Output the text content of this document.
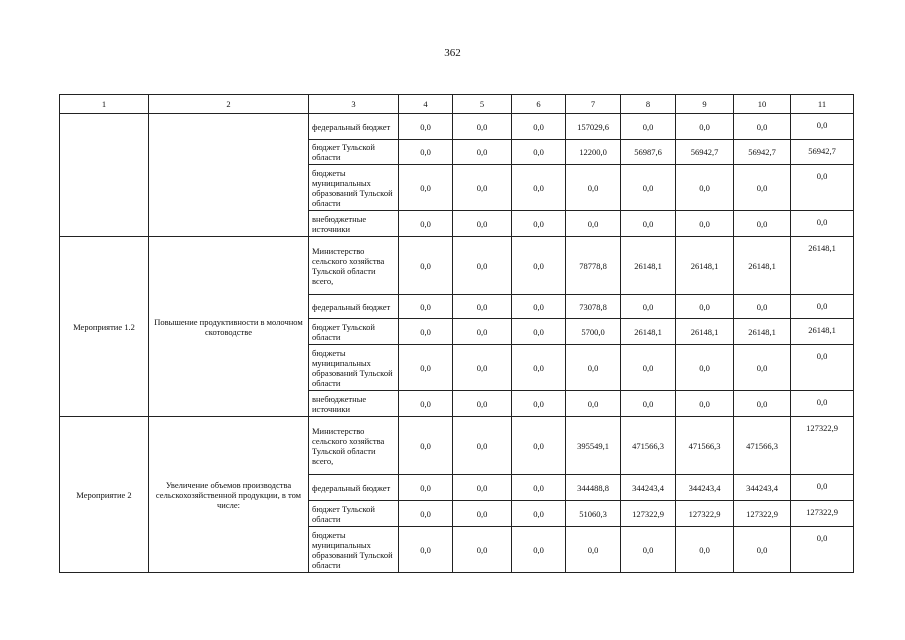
362
1	2	3	4	5	6	7	8	9	10	11
		федеральный бюджет	0,0	0,0	0,0	157029,6	0,0	0,0	0,0	0,0
		бюджет Тульской области	0,0	0,0	0,0	12200,0	56987,6	56942,7	56942,7	56942,7
		бюджеты муниципальных образований Тульской области	0,0	0,0	0,0	0,0	0,0	0,0	0,0	0,0
		внебюджетные источники	0,0	0,0	0,0	0,0	0,0	0,0	0,0	0,0
Мероприятие 1.2	Повышение продуктивности в молочном скотоводстве	Министерство сельского хозяйства Тульской области всего,	0,0	0,0	0,0	78778,8	26148,1	26148,1	26148,1	26148,1
		федеральный бюджет	0,0	0,0	0,0	73078,8	0,0	0,0	0,0	0,0
		бюджет Тульской области	0,0	0,0	0,0	5700,0	26148,1	26148,1	26148,1	26148,1
		бюджеты муниципальных образований Тульской области	0,0	0,0	0,0	0,0	0,0	0,0	0,0	0,0
		внебюджетные источники	0,0	0,0	0,0	0,0	0,0	0,0	0,0	0,0
Мероприятие 2	Увеличение объемов производства сельскохозяйственной продукции, в том числе:	Министерство сельского хозяйства Тульской области всего,	0,0	0,0	0,0	395549,1	471566,3	471566,3	471566,3	127322,9
		федеральный бюджет	0,0	0,0	0,0	344488,8	344243,4	344243,4	344243,4	0,0
		бюджет Тульской области	0,0	0,0	0,0	51060,3	127322,9	127322,9	127322,9	127322,9
		бюджеты муниципальных образований Тульской области	0,0	0,0	0,0	0,0	0,0	0,0	0,0	0,0
